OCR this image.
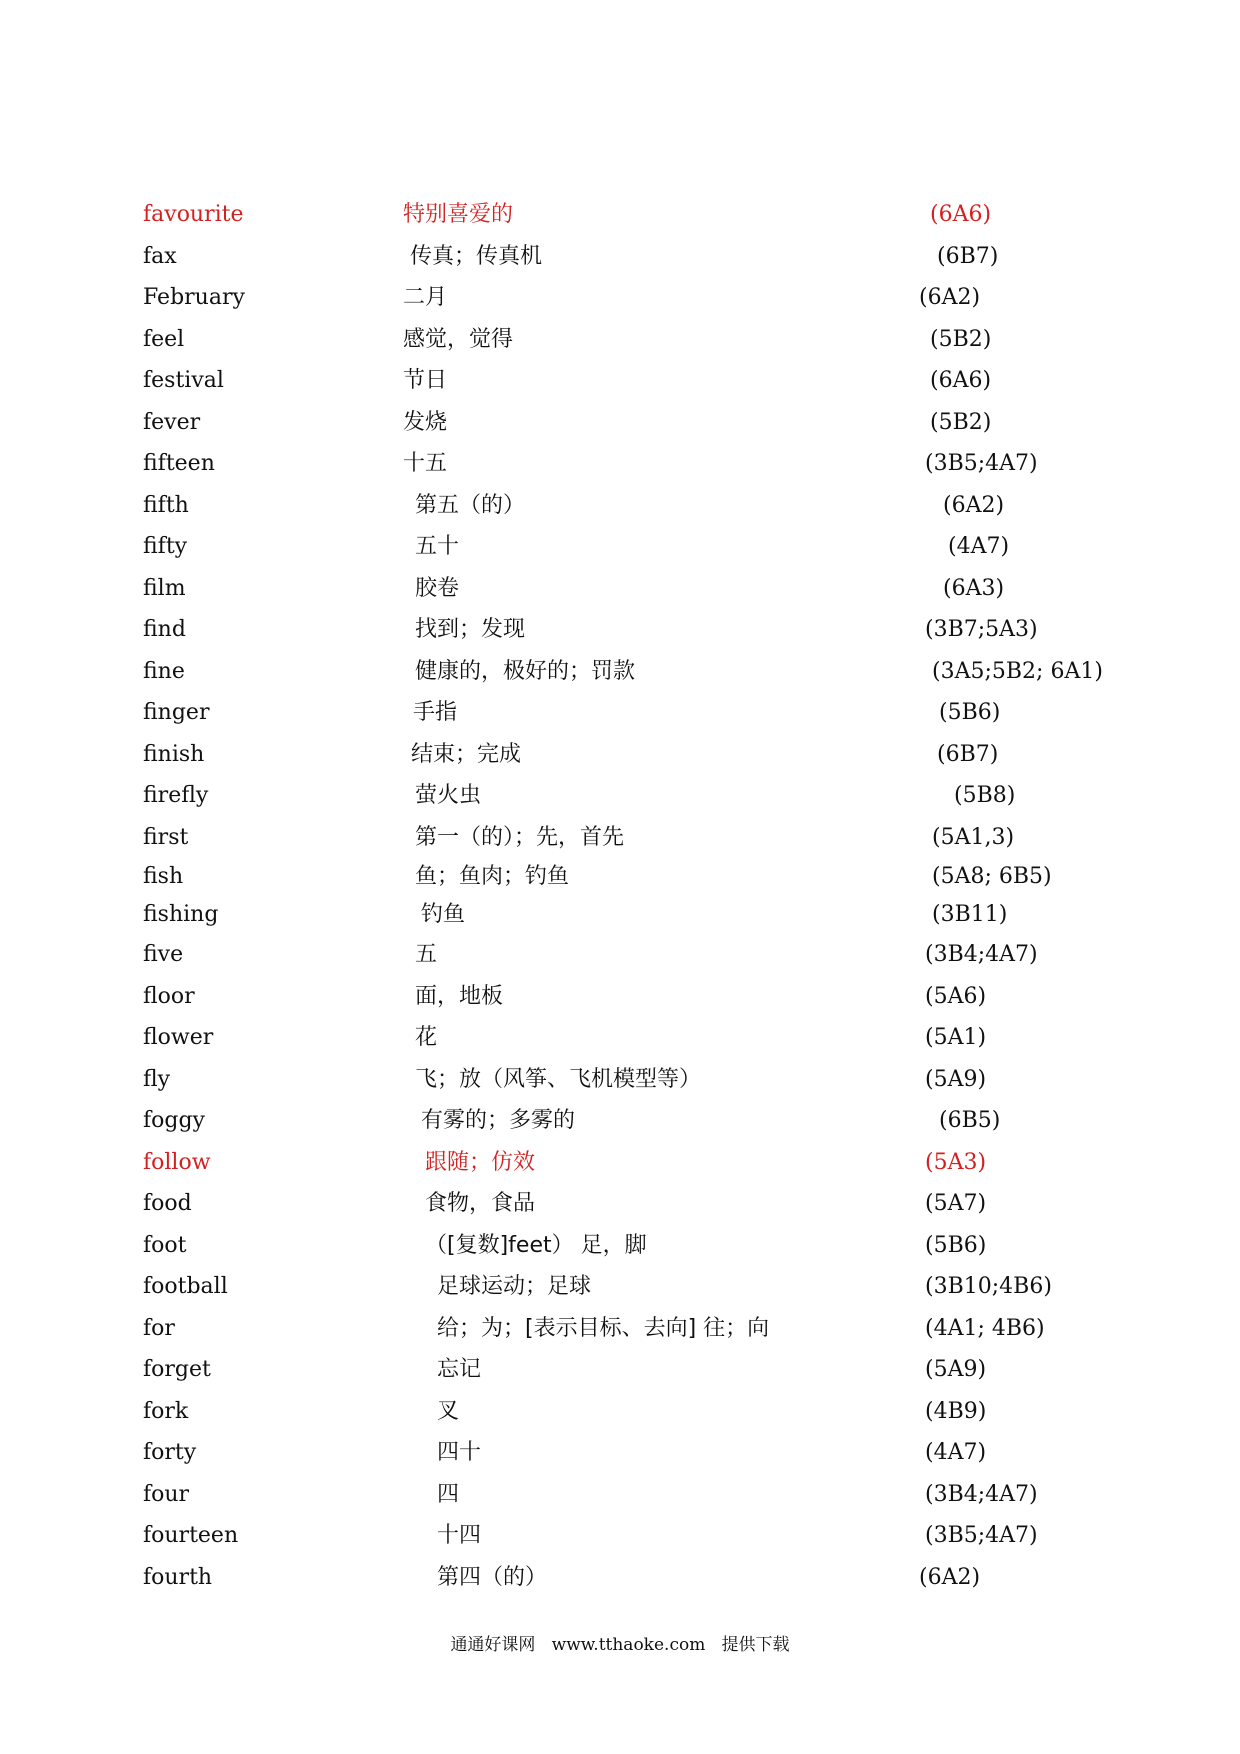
favourite	特别喜爱的	(6A6)
fax	传真；传真机	(6B7)
February	二月	(6A2)
feel	感觉，觉得	(5B2)
festival	节日	(6A6)
fever	发烧	(5B2)
fifteen	十五	(3B5;4A7)
fifth	第五（的）	(6A2)
fifty	五十	(4A7)
film	胶卷	(6A3)
find	找到；发现	(3B7;5A3)
fine	健康的，极好的；罚款	(3A5;5B2; 6A1)
finger	手指	(5B6)
finish	结束；完成	(6B7)
firefly	萤火虫	(5B8)
first	第一（的）；先，首先	(5A1,3)
fish	鱼；鱼肉；钓鱼	(5A8; 6B5)
fishing	钓鱼	(3B11)
five	五	(3B4;4A7)
floor	面，地板	(5A6)
flower	花	(5A1)
fly	飞；放（风筝、飞机模型等）	(5A9)
foggy	有雾的；多雾的	(6B5)
follow	跟随；仿效	(5A3)
food	食物，食品	(5A7)
foot	（[复数]feet） 足，脚	(5B6)
football	足球运动；足球	(3B10;4B6)
for	给；为；[表示目标、去向] 往；向	(4A1; 4B6)
forget	忘记	(5A9)
fork	叉	(4B9)
forty	四十	(4A7)
four	四	(3B4;4A7)
fourteen	十四	(3B5;4A7)
fourth	第四（的）	(6A2)
通通好课网 www.tthaoke.com 提供下载
